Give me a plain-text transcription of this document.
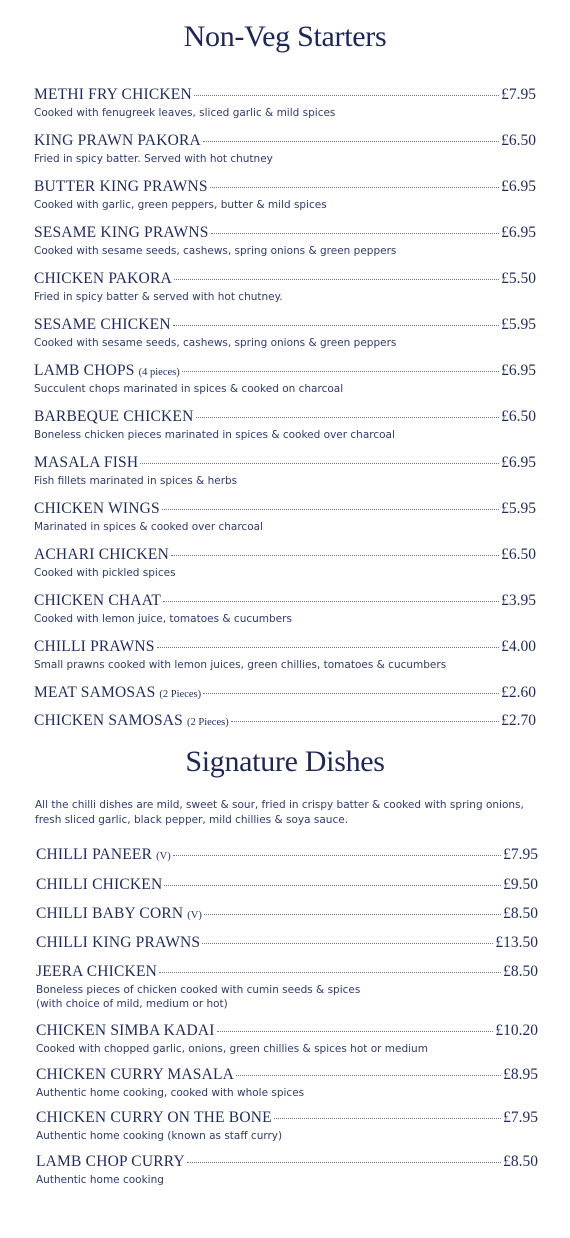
Non-Veg Starters
METHI FRY CHICKEN	£7.95
Cooked with fenugreek leaves, sliced garlic & mild spices
KING PRAWN PAKORA	£6.50
Fried in spicy batter. Served with hot chutney
BUTTER KING PRAWNS	£6.95
Cooked with garlic, green peppers, butter & mild spices
SESAME KING PRAWNS	£6.95
Cooked with sesame seeds, cashews, spring onions & green peppers
CHICKEN PAKORA	£5.50
Fried in spicy batter & served with hot chutney.
SESAME CHICKEN	£5.95
Cooked with sesame seeds, cashews, spring onions & green peppers
LAMB CHOPS (4 pieces)	£6.95
Succulent chops marinated in spices & cooked on charcoal
BARBEQUE CHICKEN	£6.50
Boneless chicken pieces marinated in spices & cooked over charcoal
MASALA FISH	£6.95
Fish fillets marinated in spices & herbs
CHICKEN WINGS	£5.95
Marinated in spices & cooked over charcoal
ACHARI CHICKEN	£6.50
Cooked with pickled spices
CHICKEN CHAAT	£3.95
Cooked with lemon juice, tomatoes & cucumbers
CHILLI PRAWNS	£4.00
Small prawns cooked with lemon juices, green chillies, tomatoes & cucumbers
MEAT SAMOSAS (2 Pieces)	£2.60
CHICKEN SAMOSAS (2 Pieces)	£2.70
Signature Dishes
All the chilli dishes are mild, sweet & sour, fried in crispy batter & cooked with spring onions,
fresh sliced garlic, black pepper, mild chillies & soya sauce.
CHILLI PANEER (V)	£7.95
CHILLI CHICKEN	£9.50
CHILLI BABY CORN (V)	£8.50
CHILLI KING PRAWNS	£13.50
JEERA CHICKEN	£8.50
Boneless pieces of chicken cooked with cumin seeds & spices
(with choice of mild, medium or hot)
CHICKEN SIMBA KADAI	£10.20
Cooked with chopped garlic, onions, green chillies & spices hot or medium
CHICKEN CURRY MASALA	£8.95
Authentic home cooking, cooked with whole spices
CHICKEN CURRY ON THE BONE	£7.95
Authentic home cooking (known as staff curry)
LAMB CHOP CURRY	£8.50
Authentic home cooking
